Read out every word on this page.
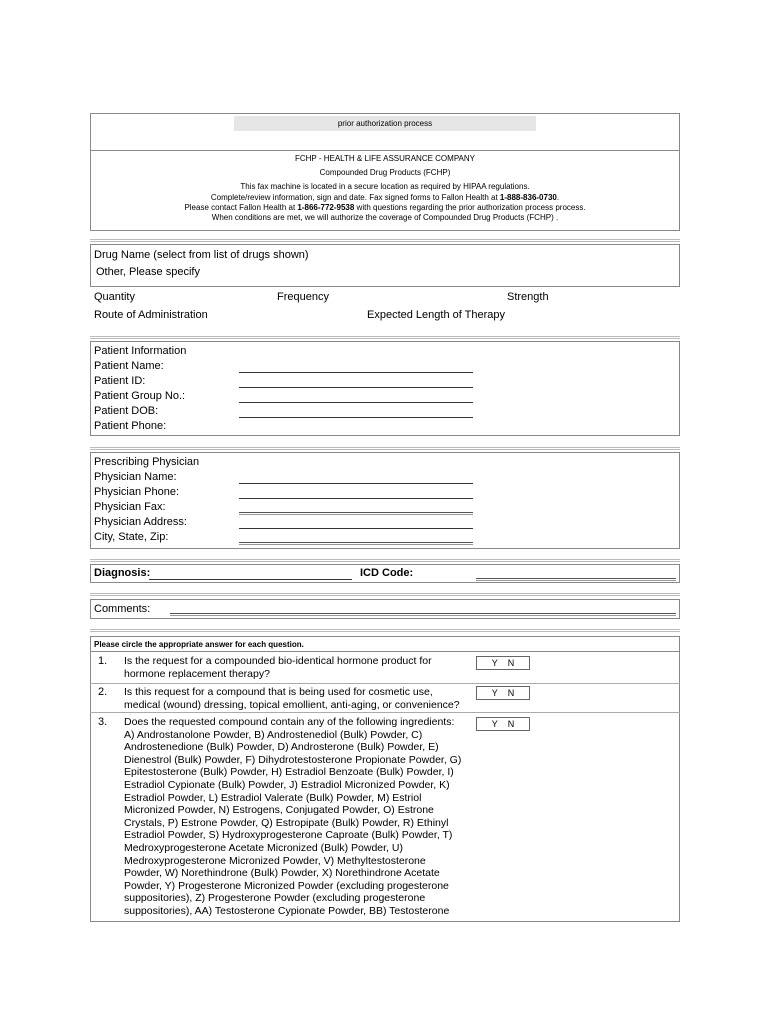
prior authorization process
FCHP - HEALTH & LIFE ASSURANCE COMPANY
Compounded Drug Products (FCHP)
This fax machine is located in a secure location as required by HIPAA regulations.
Complete/review information, sign and date. Fax signed forms to Fallon Health at 1-888-836-0730.
Please contact Fallon Health at 1-866-772-9538 with questions regarding the prior authorization process process.
When conditions are met, we will authorize the coverage of Compounded Drug Products (FCHP) .
Drug Name (select from list of drugs shown)
Other, Please specify
Quantity	Frequency	Strength
Route of Administration	Expected Length of Therapy
Patient Information
Patient Name:
Patient ID:
Patient Group No.:
Patient DOB:
Patient Phone:
Prescribing Physician
Physician Name:
Physician Phone:
Physician Fax:
Physician Address:
City, State, Zip:
Diagnosis:	ICD Code:
Comments:
Please circle the appropriate answer for each question.
1. Is the request for a compounded bio-identical hormone product for
hormone replacement therapy?
Y N
2. Is this request for a compound that is being used for cosmetic use,
medical (wound) dressing, topical emollient, anti-aging, or convenience?
Y N
3. Does the requested compound contain any of the following ingredients:
A) Androstanolone Powder, B) Androstenediol (Bulk) Powder, C)
Androstenedione (Bulk) Powder, D) Androsterone (Bulk) Powder, E)
Dienestrol (Bulk) Powder, F) Dihydrotestosterone Propionate Powder, G)
Epitestosterone (Bulk) Powder, H) Estradiol Benzoate (Bulk) Powder, I)
Estradiol Cypionate (Bulk) Powder, J) Estradiol Micronized Powder, K)
Estradiol Powder, L) Estradiol Valerate (Bulk) Powder, M) Estriol
Micronized Powder, N) Estrogens, Conjugated Powder, O) Estrone
Crystals, P) Estrone Powder, Q) Estropipate (Bulk) Powder, R) Ethinyl
Estradiol Powder, S) Hydroxyprogesterone Caproate (Bulk) Powder, T)
Medroxyprogesterone Acetate Micronized (Bulk) Powder, U)
Medroxyprogesterone Micronized Powder, V) Methyltestosterone
Powder, W) Norethindrone (Bulk) Powder, X) Norethindrone Acetate
Powder, Y) Progesterone Micronized Powder (excluding progesterone
suppositories), Z) Progesterone Powder (excluding progesterone
suppositories), AA) Testosterone Cypionate Powder, BB) Testosterone
Y N
